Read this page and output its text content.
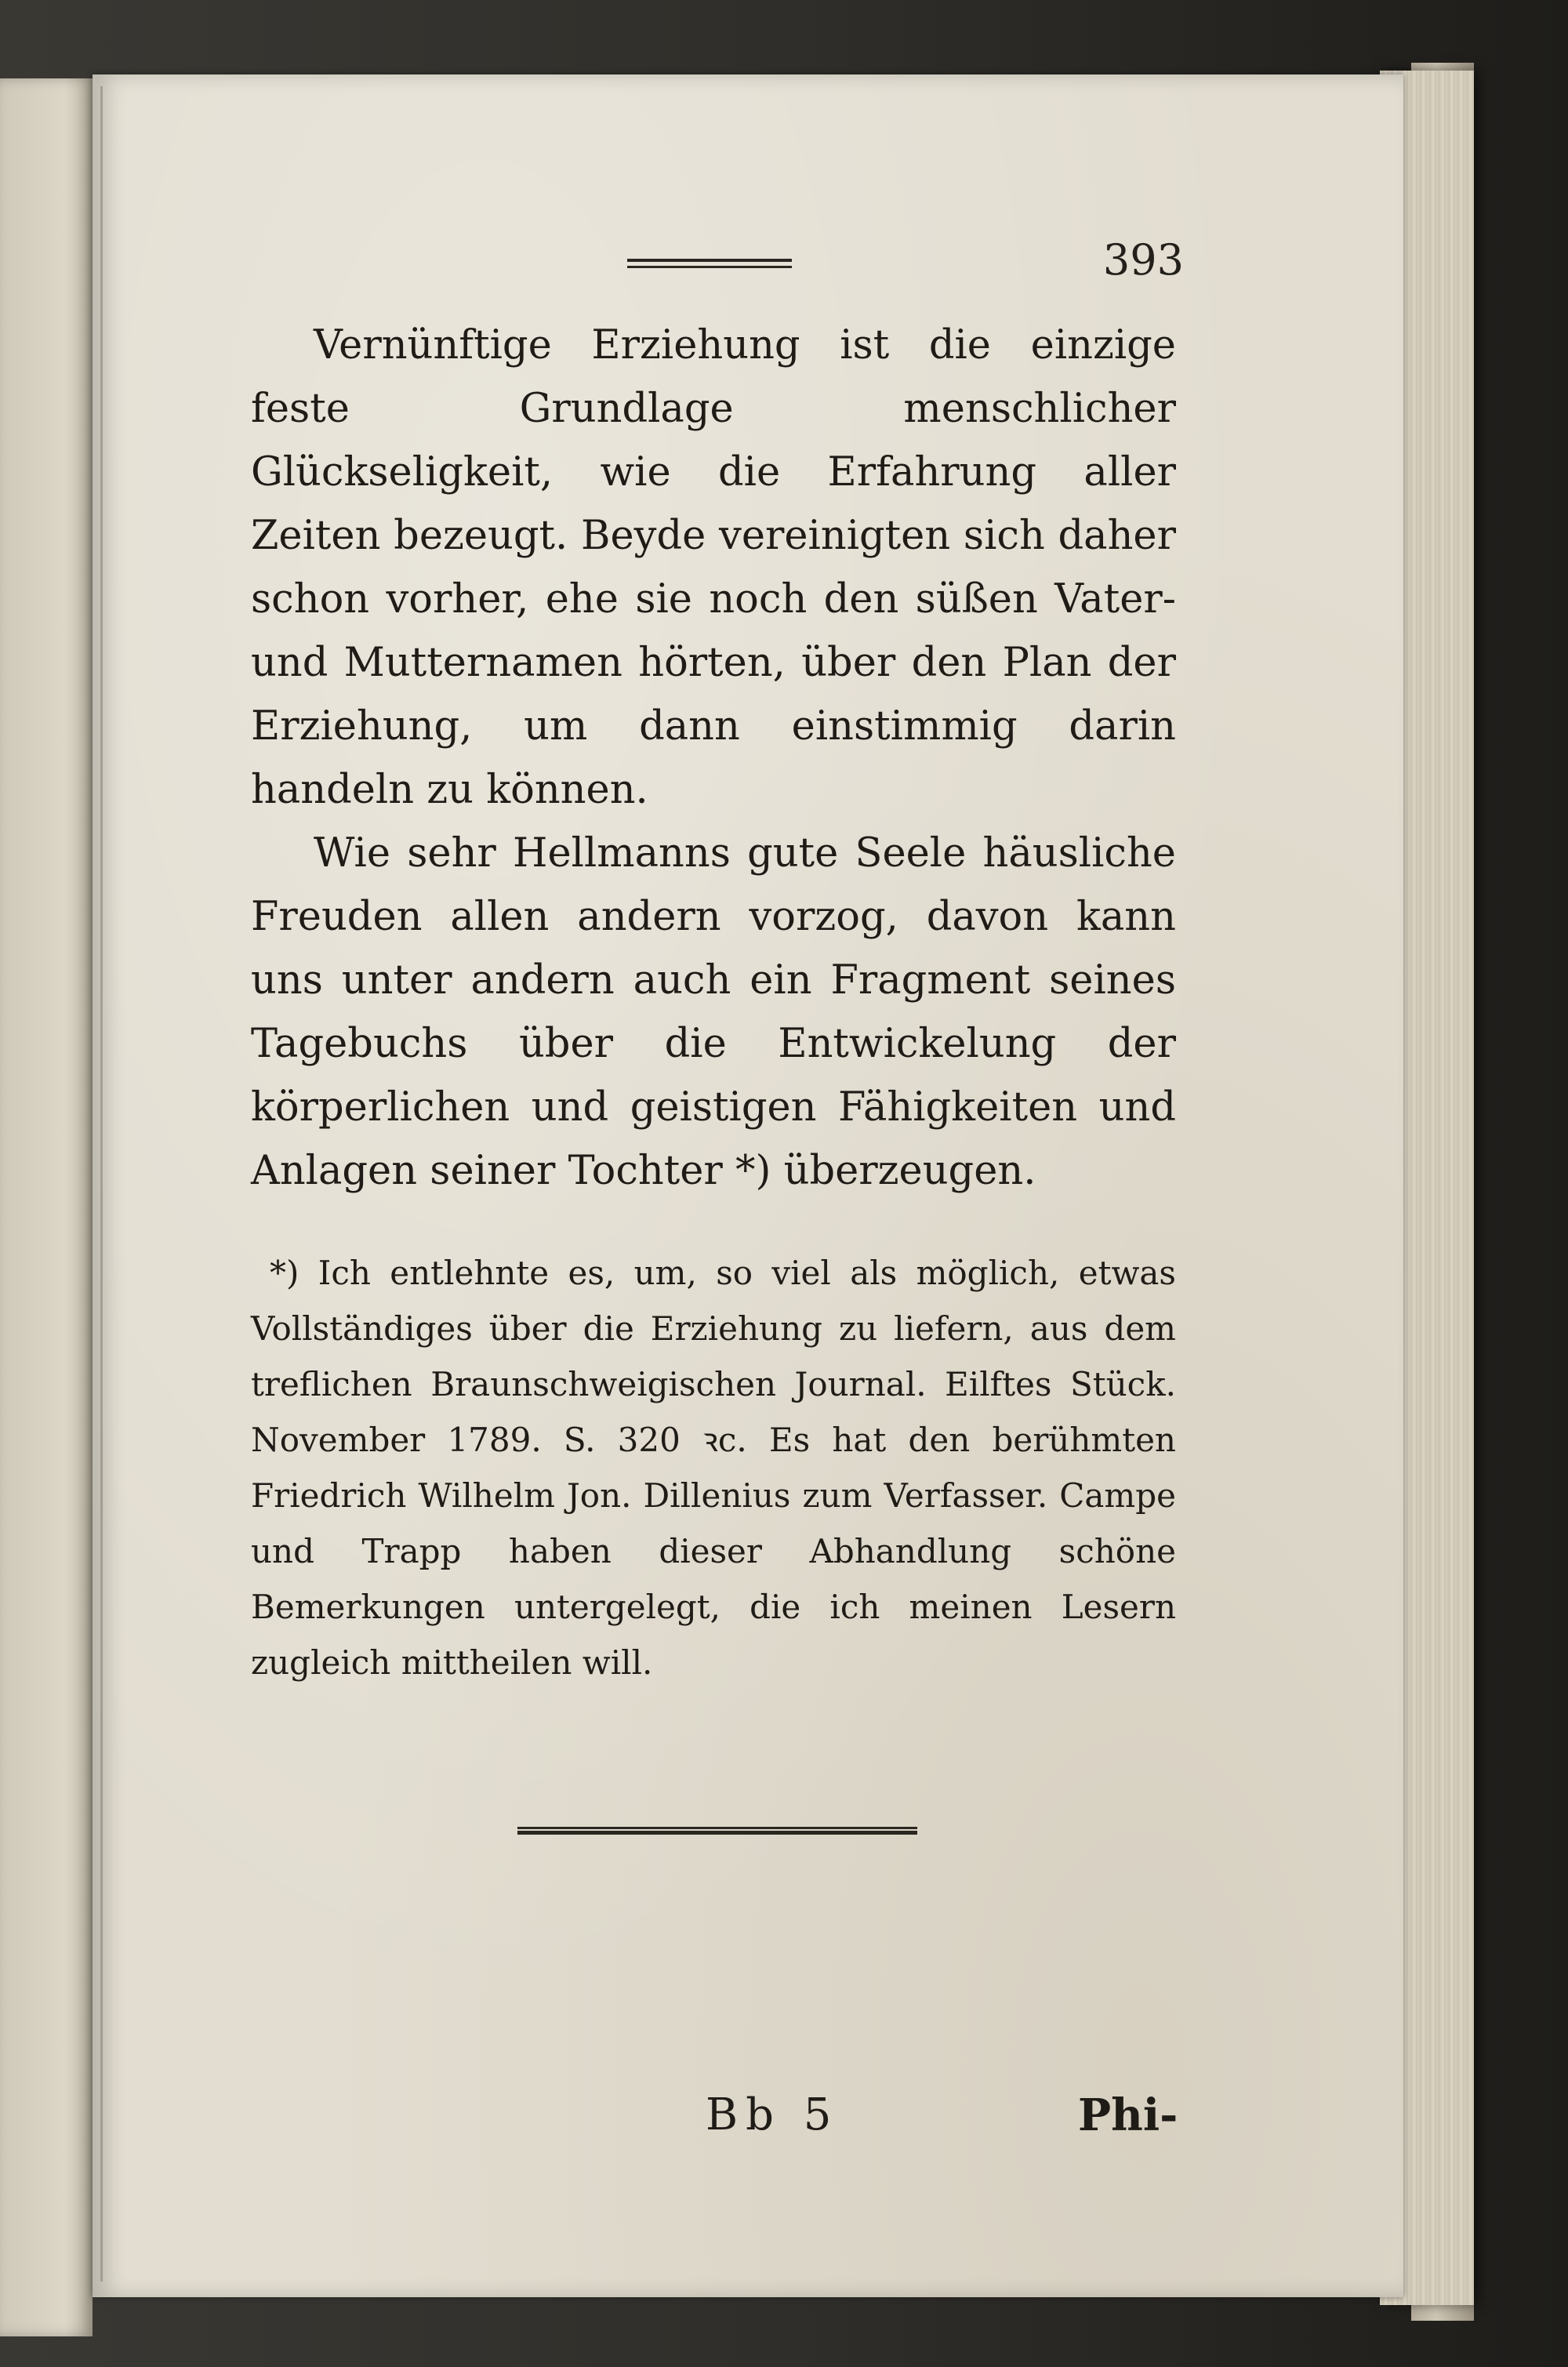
393

Vernünftige Erziehung ist die einzige feste Grundlage menschlicher Glückseligkeit, wie die Erfahrung aller Zeiten bezeugt. Beyde vereinigten sich daher schon vorher, ehe sie noch den süßen Vater- und Mutternamen hörten, über den Plan der Erziehung, um dann einstimmig darin handeln zu können.

Wie sehr Hellmanns gute Seele häusliche Freuden allen andern vorzog, davon kann uns unter andern auch ein Fragment seines Tagebuchs über die Entwickelung der körperlichen und geistigen Fähigkeiten und Anlagen seiner Tochter *) überzeugen.

*) Ich entlehnte es, um, so viel als möglich, etwas Vollständiges über die Erziehung zu liefern, aus dem treflichen Braunschweigischen Journal. Eilftes Stück. November 1789. S. 320 ꝛc. Es hat den berühmten Friedrich Wilhelm Jon. Dillenius zum Verfasser. Campe und Trapp haben dieser Abhandlung schöne Bemerkungen untergelegt, die ich meinen Lesern zugleich mittheilen will.
Bb 5	Phi-
